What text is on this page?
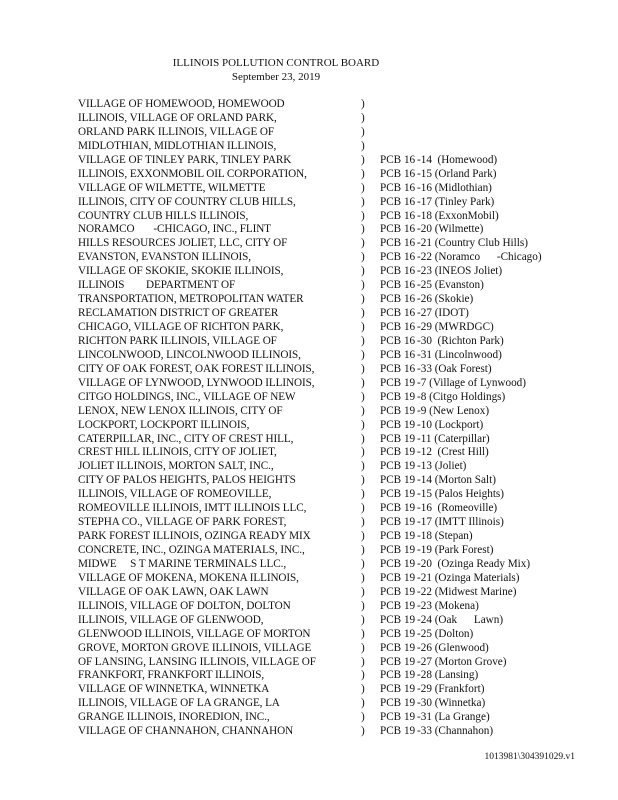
ILLINOIS POLLUTION CONTROL BOARD
September 23, 2019
VILLAGE OF HOMEWOOD, HOMEWOOD	)
ILLINOIS, VILLAGE OF ORLAND PARK,	)
ORLAND PARK ILLINOIS, VILLAGE OF	)
MIDLOTHIAN, MIDLOTHIAN ILLINOIS,	)
VILLAGE OF TINLEY PARK, TINLEY PARK	) PCB 16 -14  (Homewood)
ILLINOIS, EXXONMOBIL OIL CORPORATION,	) PCB 16 -15 (Orland Park)
VILLAGE OF WILMETTE, WILMETTE	) PCB 16 -16 (Midlothian)
ILLINOIS, CITY OF COUNTRY CLUB HILLS,	) PCB 16 -17 (Tinley Park)
COUNTRY CLUB HILLS ILLINOIS,	) PCB 16 -18 (ExxonMobil)
NORAMCO       -CHICAGO, INC., FLINT	) PCB 16 -20 (Wilmette)
HILLS RESOURCES JOLIET, LLC, CITY OF	) PCB 16 -21 (Country Club Hills)
EVANSTON, EVANSTON ILLINOIS,	) PCB 16 -22 (Noramco      -Chicago)
VILLAGE OF SKOKIE, SKOKIE ILLINOIS,	) PCB 16 -23 (INEOS Joliet)
ILLINOIS        DEPARTMENT OF	) PCB 16 -25 (Evanston)
TRANSPORTATION, METROPOLITAN WATER	) PCB 16 -26 (Skokie)
RECLAMATION DISTRICT OF GREATER	) PCB 16 -27 (IDOT)
CHICAGO, VILLAGE OF RICHTON PARK,	) PCB 16 -29 (MWRDGC)
RICHTON PARK ILLINOIS, VILLAGE OF	) PCB 16 -30  (Richton Park)
LINCOLNWOOD, LINCOLNWOOD ILLINOIS,	) PCB 16 -31 (Lincolnwood)
CITY OF OAK FOREST, OAK FOREST ILLINOIS,	) PCB 16 -33 (Oak Forest)
VILLAGE OF LYNWOOD, LYNWOOD ILLINOIS,	) PCB 19 -7 (Village of Lynwood)
CITGO HOLDINGS, INC., VILLAGE OF NEW	) PCB 19 -8 (Citgo Holdings)
LENOX, NEW LENOX ILLINOIS, CITY OF	) PCB 19 -9 (New Lenox)
LOCKPORT, LOCKPORT ILLINOIS,	) PCB 19 -10 (Lockport)
CATERPILLAR, INC., CITY OF CREST HILL,	) PCB 19 -11 (Caterpillar)
CREST HILL ILLINOIS, CITY OF JOLIET,	) PCB 19 -12  (Crest Hill)
JOLIET ILLINOIS, MORTON SALT, INC.,	) PCB 19 -13 (Joliet)
CITY OF PALOS HEIGHTS, PALOS HEIGHTS	) PCB 19 -14 (Morton Salt)
ILLINOIS, VILLAGE OF ROMEOVILLE,	) PCB 19 -15 (Palos Heights)
ROMEOVILLE ILLINOIS, IMTT ILLINOIS LLC,	) PCB 19 -16  (Romeoville)
STEPHA CO., VILLAGE OF PARK FOREST,	) PCB 19 -17 (IMTT Illinois)
PARK FOREST ILLINOIS, OZINGA READY MIX	) PCB 19 -18 (Stepan)
CONCRETE, INC., OZINGA MATERIALS, INC.,	) PCB 19 -19 (Park Forest)
MIDWE     S T MARINE TERMINALS LLC.,	) PCB 19 -20  (Ozinga Ready Mix)
VILLAGE OF MOKENA, MOKENA ILLINOIS,	) PCB 19 -21 (Ozinga Materials)
VILLAGE OF OAK LAWN, OAK LAWN	) PCB 19 -22 (Midwest Marine)
ILLINOIS, VILLAGE OF DOLTON, DOLTON	) PCB 19 -23 (Mokena)
ILLINOIS, VILLAGE OF GLENWOOD,	) PCB 19 -24 (Oak      Lawn)
GLENWOOD ILLINOIS, VILLAGE OF MORTON	) PCB 19 -25 (Dolton)
GROVE, MORTON GROVE ILLINOIS, VILLAGE	) PCB 19 -26 (Glenwood)
OF LANSING, LANSING ILLINOIS, VILLAGE OF	) PCB 19 -27 (Morton Grove)
FRANKFORT, FRANKFORT ILLINOIS,	) PCB 19 -28 (Lansing)
VILLAGE OF WINNETKA, WINNETKA	) PCB 19 -29 (Frankfort)
ILLINOIS, VILLAGE OF LA GRANGE, LA	) PCB 19 -30 (Winnetka)
GRANGE ILLINOIS, INOREDION, INC.,	) PCB 19 -31 (La Grange)
VILLAGE OF CHANNAHON, CHANNAHON	) PCB 19 -33 (Channahon)
1013981\304391029.v1
